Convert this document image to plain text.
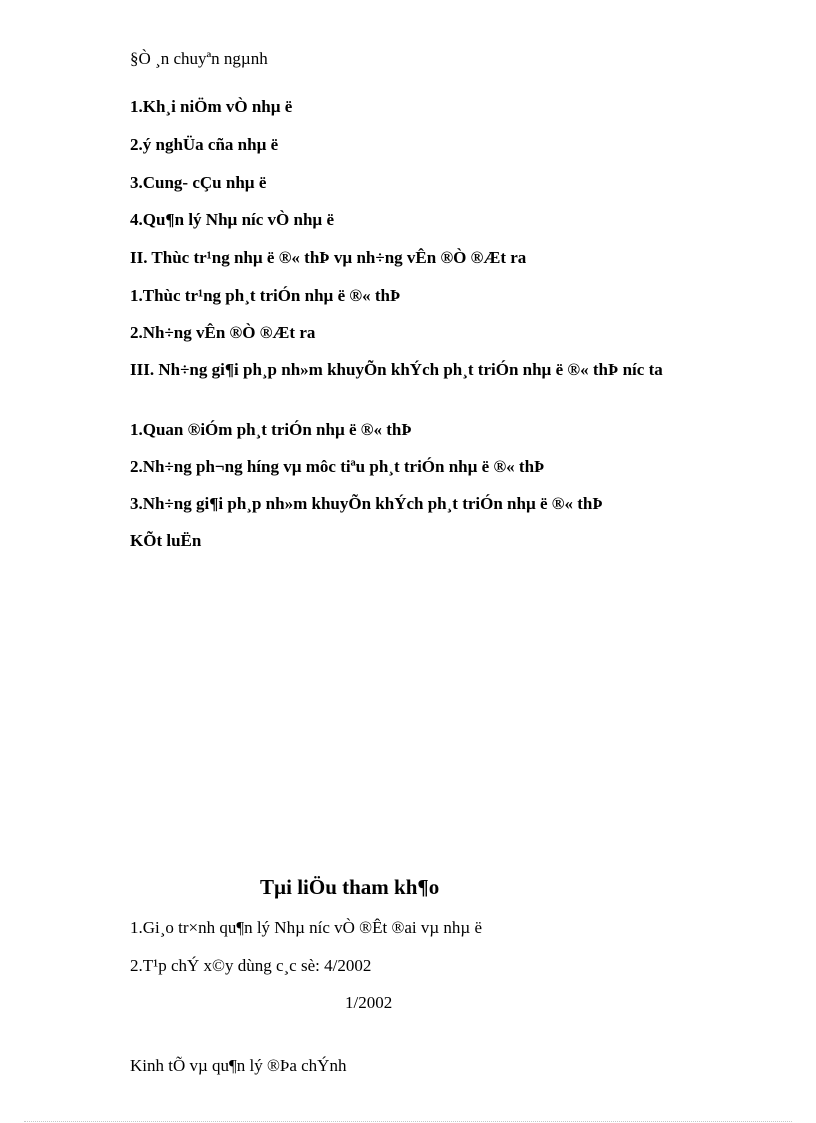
§Ò ¸n chuyªn ngµnh
1.Kh¸i niÖm vÒ nhµ ë
2.ý nghÜa cña nhµ ë
3.Cung- cÇu nhµ ë
4.Qu¶n lý Nhµ níc vÒ nhµ ë
II. Thùc tr¹ng nhµ ë ®« thÞ vµ nh÷ng vÊn ®Ò ®Æt ra
1.Thùc tr¹ng ph¸t triÓn nhµ ë ®« thÞ
2.Nh÷ng vÊn ®Ò ®Æt ra
III. Nh÷ng gi¶i ph¸p nh»m khuyÕn khÝch ph¸t triÓn nhµ ë ®« thÞ níc ta
1.Quan ®iÓm ph¸t triÓn nhµ ë ®« thÞ
2.Nh÷ng ph¬ng híng vµ môc tiªu ph¸t triÓn nhµ ë ®« thÞ
3.Nh÷ng gi¶i ph¸p nh»m khuyÕn khÝch ph¸t triÓn nhµ ë ®« thÞ
KÕt luËn
Tµi liÖu tham kh¶o
1.Gi¸o tr×nh qu¶n lý Nhµ níc vÒ ®Êt ®ai vµ nhµ ë
2.T¹p chÝ x©y dùng c¸c sè: 4/2002
1/2002
Kinh tÕ vµ qu¶n lý ®Þa chÝnh
